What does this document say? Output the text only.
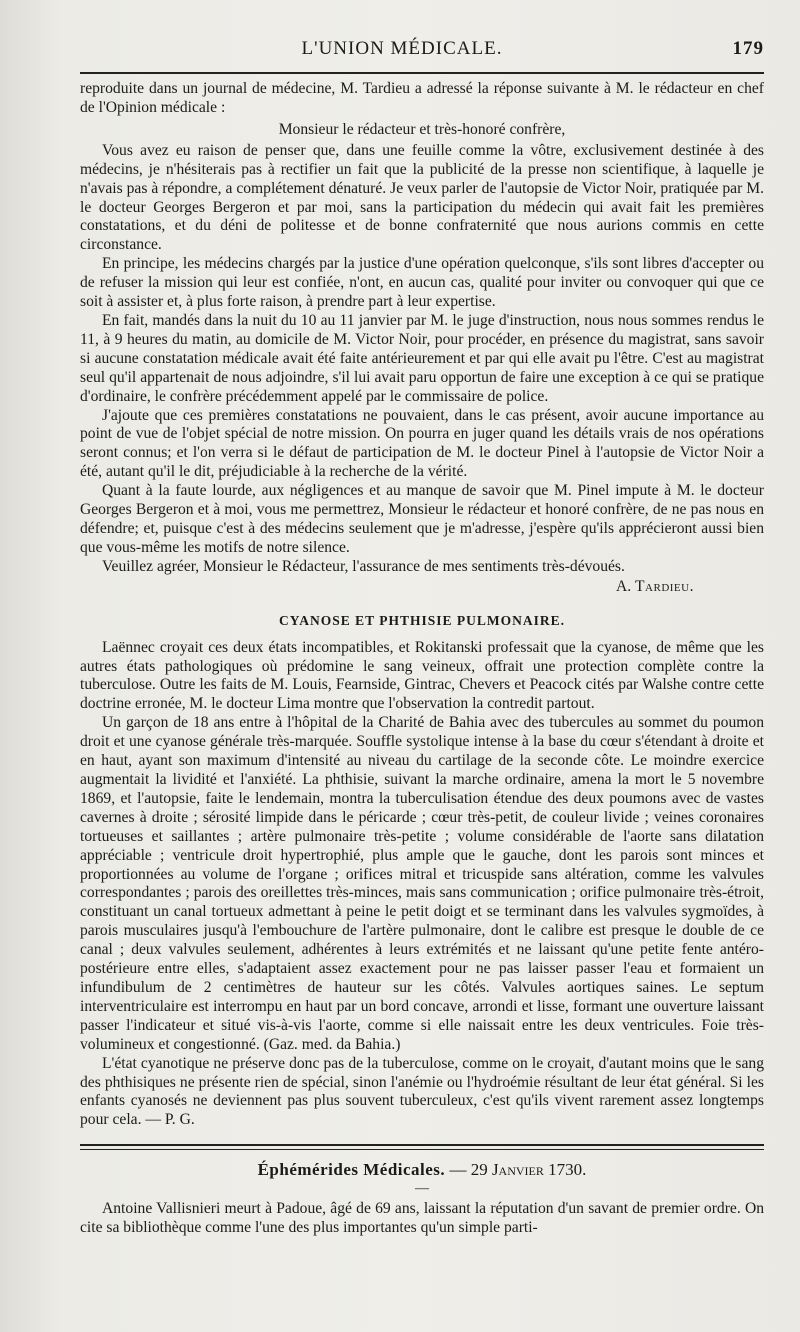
L'UNION MÉDICALE.	179

reproduite dans un journal de médecine, M. Tardieu a adressé la réponse suivante à M. le rédacteur en chef de l'Opinion médicale :

Monsieur le rédacteur et très-honoré confrère,

Vous avez eu raison de penser que, dans une feuille comme la vôtre, exclusivement destinée à des médecins, je n'hésiterais pas à rectifier un fait que la publicité de la presse non scientifique, à laquelle je n'avais pas à répondre, a complétement dénaturé. Je veux parler de l'autopsie de Victor Noir, pratiquée par M. le docteur Georges Bergeron et par moi, sans la participation du médecin qui avait fait les premières constatations, et du déni de politesse et de bonne confraternité que nous aurions commis en cette circonstance.

En principe, les médecins chargés par la justice d'une opération quelconque, s'ils sont libres d'accepter ou de refuser la mission qui leur est confiée, n'ont, en aucun cas, qualité pour inviter ou convoquer qui que ce soit à assister et, à plus forte raison, à prendre part à leur expertise.

En fait, mandés dans la nuit du 10 au 11 janvier par M. le juge d'instruction, nous nous sommes rendus le 11, à 9 heures du matin, au domicile de M. Victor Noir, pour procéder, en présence du magistrat, sans savoir si aucune constatation médicale avait été faite antérieurement et par qui elle avait pu l'être. C'est au magistrat seul qu'il appartenait de nous adjoindre, s'il lui avait paru opportun de faire une exception à ce qui se pratique d'ordinaire, le confrère précédemment appelé par le commissaire de police.

J'ajoute que ces premières constatations ne pouvaient, dans le cas présent, avoir aucune importance au point de vue de l'objet spécial de notre mission. On pourra en juger quand les détails vrais de nos opérations seront connus; et l'on verra si le défaut de participation de M. le docteur Pinel à l'autopsie de Victor Noir a été, autant qu'il le dit, préjudiciable à la recherche de la vérité.

Quant à la faute lourde, aux négligences et au manque de savoir que M. Pinel impute à M. le docteur Georges Bergeron et à moi, vous me permettrez, Monsieur le rédacteur et honoré confrère, de ne pas nous en défendre; et, puisque c'est à des médecins seulement que je m'adresse, j'espère qu'ils apprécieront aussi bien que vous-même les motifs de notre silence.

Veuillez agréer, Monsieur le Rédacteur, l'assurance de mes sentiments très-dévoués.

A. Tardieu.
CYANOSE ET PHTHISIE PULMONAIRE.

Laënnec croyait ces deux états incompatibles, et Rokitanski professait que la cyanose, de même que les autres états pathologiques où prédomine le sang veineux, offrait une protection complète contre la tuberculose. Outre les faits de M. Louis, Fearnside, Gintrac, Chevers et Peacock cités par Walshe contre cette doctrine erronée, M. le docteur Lima montre que l'observation la contredit partout.

Un garçon de 18 ans entre à l'hôpital de la Charité de Bahia avec des tubercules au sommet du poumon droit et une cyanose générale très-marquée. Souffle systolique intense à la base du cœur s'étendant à droite et en haut, ayant son maximum d'intensité au niveau du cartilage de la seconde côte. Le moindre exercice augmentait la lividité et l'anxiété. La phthisie, suivant la marche ordinaire, amena la mort le 5 novembre 1869, et l'autopsie, faite le lendemain, montra la tuberculisation étendue des deux poumons avec de vastes cavernes à droite ; sérosité limpide dans le péricarde ; cœur très-petit, de couleur livide ; veines coronaires tortueuses et saillantes ; artère pulmonaire très-petite ; volume considérable de l'aorte sans dilatation appréciable ; ventricule droit hypertrophié, plus ample que le gauche, dont les parois sont minces et proportionnées au volume de l'organe ; orifices mitral et tricuspide sans altération, comme les valvules correspondantes ; parois des oreillettes très-minces, mais sans communication ; orifice pulmonaire très-étroit, constituant un canal tortueux admettant à peine le petit doigt et se terminant dans les valvules sygmoïdes, à parois musculaires jusqu'à l'embouchure de l'artère pulmonaire, dont le calibre est presque le double de ce canal ; deux valvules seulement, adhérentes à leurs extrémités et ne laissant qu'une petite fente antéro-postérieure entre elles, s'adaptaient assez exactement pour ne pas laisser passer l'eau et formaient un infundibulum de 2 centimètres de hauteur sur les côtés. Valvules aortiques saines. Le septum interventriculaire est interrompu en haut par un bord concave, arrondi et lisse, formant une ouverture laissant passer l'indicateur et situé vis-à-vis l'aorte, comme si elle naissait entre les deux ventricules. Foie très-volumineux et congestionné. (Gaz. med. da Bahia.)

L'état cyanotique ne préserve donc pas de la tuberculose, comme on le croyait, d'autant moins que le sang des phthisiques ne présente rien de spécial, sinon l'anémie ou l'hydroémie résultant de leur état général. Si les enfants cyanosés ne deviennent pas plus souvent tuberculeux, c'est qu'ils vivent rarement assez longtemps pour cela. — P. G.

Éphémérides Médicales. — 29 Janvier 1730.
—

Antoine Vallisnieri meurt à Padoue, âgé de 69 ans, laissant la réputation d'un savant de premier ordre. On cite sa bibliothèque comme l'une des plus importantes qu'un simple parti-
